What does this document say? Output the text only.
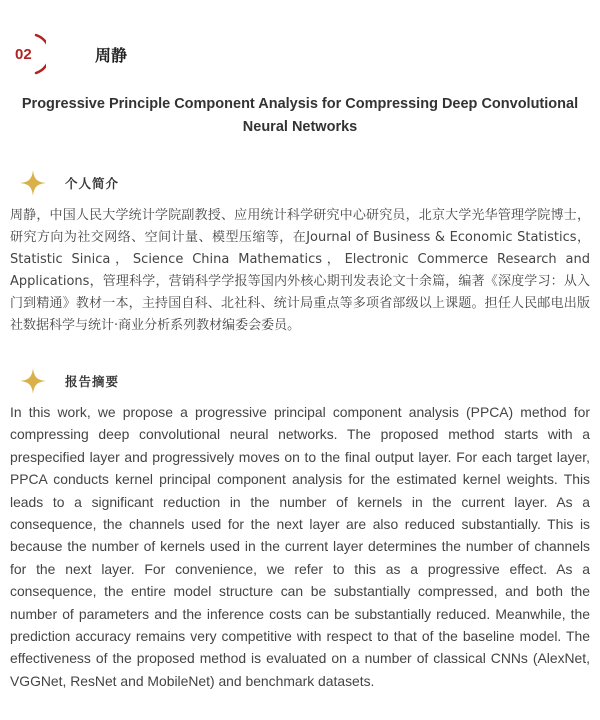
02	周静
Progressive Principle Component Analysis for Compressing Deep Convolutional Neural Networks
个人简介

周静，中国人民大学统计学院副教授、应用统计科学研究中心研究员，北京大学光华管理学院博士，研究方向为社交网络、空间计量、模型压缩等，在Journal of Business & Economic Statistics，Statistic Sinica，Science China Mathematics，Electronic Commerce Research and Applications，管理科学，营销科学学报等国内外核心期刊发表论文十余篇，编著《深度学习：从入门到精通》教材一本，主持国自科、北社科、统计局重点等多项省部级以上课题。担任人民邮电出版社数据科学与统计·商业分析系列教材编委会委员。

报告摘要

In this work, we propose a progressive principal component analysis (PPCA) method for compressing deep convolutional neural networks. The proposed method starts with a prespecified layer and progressively moves on to the final output layer. For each target layer, PPCA conducts kernel principal component analysis for the estimated kernel weights. This leads to a significant reduction in the number of kernels in the current layer. As a consequence, the channels used for the next layer are also reduced substantially. This is because the number of kernels used in the current layer determines the number of channels for the next layer. For convenience, we refer to this as a progressive effect. As a consequence, the entire model structure can be substantially compressed, and both the number of parameters and the inference costs can be substantially reduced. Meanwhile, the prediction accuracy remains very competitive with respect to that of the baseline model. The effectiveness of the proposed method is evaluated on a number of classical CNNs (AlexNet, VGGNet, ResNet and MobileNet) and benchmark datasets.
